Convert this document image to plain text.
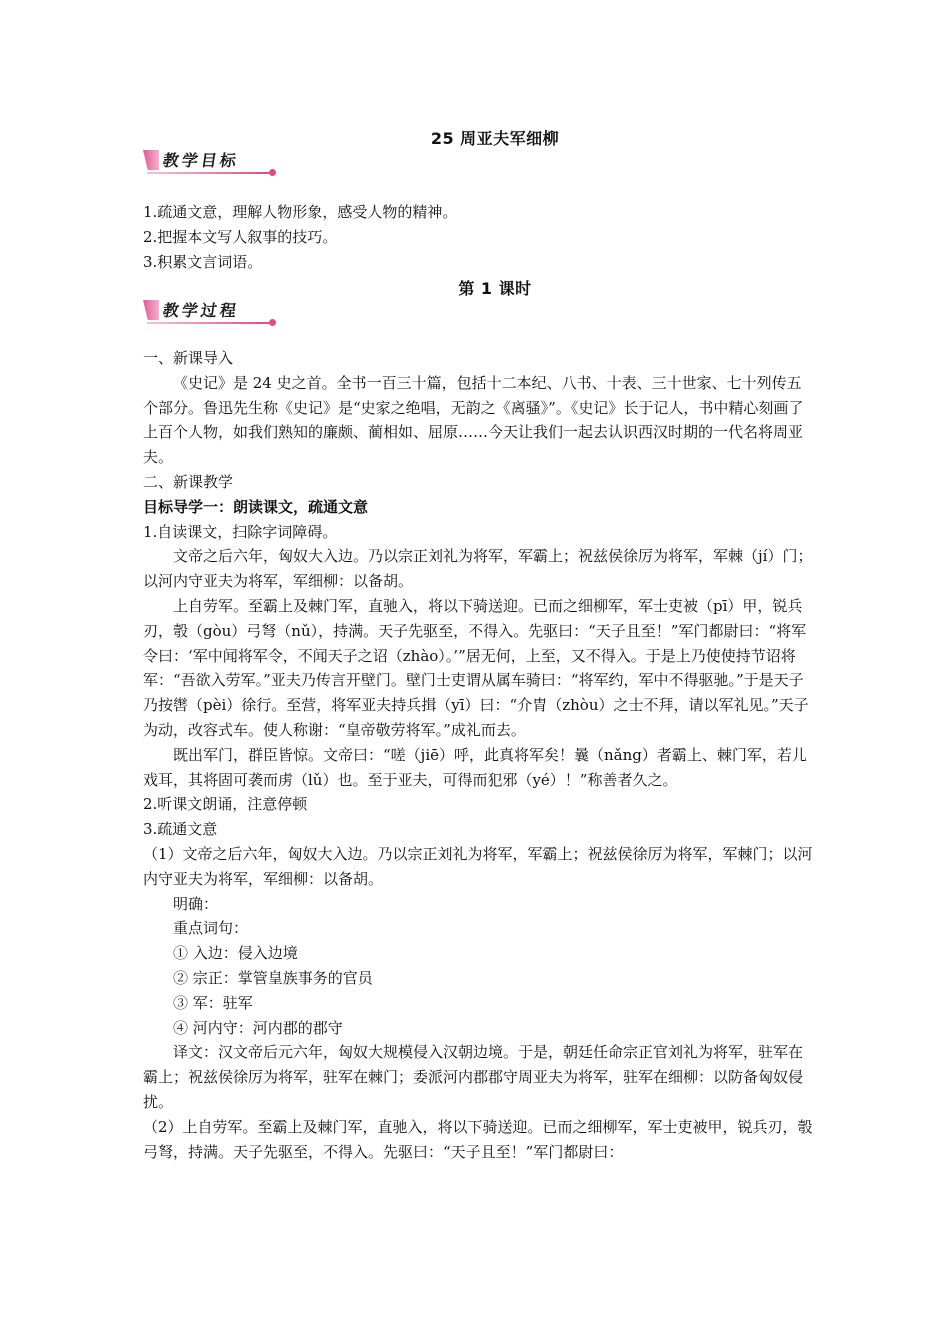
25 周亚夫军细柳
教学目标
1.疏通文意，理解人物形象，感受人物的精神。
2.把握本文写人叙事的技巧。
3.积累文言词语。
第 1 课时
教学过程
一、新课导入
《史记》是 24 史之首。全书一百三十篇，包括十二本纪、八书、十表、三十世家、七十列传五个部分。鲁迅先生称《史记》是“史家之绝唱，无韵之《离骚》”。《史记》长于记人，书中精心刻画了上百个人物，如我们熟知的廉颇、蔺相如、屈原……今天让我们一起去认识西汉时期的一代名将周亚夫。
二、新课教学
目标导学一：朗读课文，疏通文意
1.自读课文，扫除字词障碍。
文帝之后六年，匈奴大入边。乃以宗正刘礼为将军，军霸上；祝兹侯徐厉为将军，军棘（jí）门；以河内守亚夫为将军，军细柳：以备胡。
上自劳军。至霸上及棘门军，直驰入，将以下骑送迎。已而之细柳军，军士吏被（pī）甲，锐兵刃，彀（gòu）弓弩（nǔ），持满。天子先驱至，不得入。先驱曰：“天子且至！”军门都尉曰：“将军令曰：‘军中闻将军令，不闻天子之诏（zhào）。’”居无何，上至，又不得入。于是上乃使使持节诏将军：“吾欲入劳军。”亚夫乃传言开壁门。壁门士吏谓从属车骑曰：“将军约，军中不得驱驰。”于是天子乃按辔（pèi）徐行。至营，将军亚夫持兵揖（yī）曰：“介胄（zhòu）之士不拜，请以军礼见。”天子为动，改容式车。使人称谢：“皇帝敬劳将军。”成礼而去。
既出军门，群臣皆惊。文帝曰：“嗟（jiē）呼，此真将军矣！曩（nǎng）者霸上、棘门军，若儿戏耳，其将固可袭而虏（lǔ）也。至于亚夫，可得而犯邪（yé）！”称善者久之。
2.听课文朗诵，注意停顿
3.疏通文意
（1）文帝之后六年，匈奴大入边。乃以宗正刘礼为将军，军霸上；祝兹侯徐厉为将军，军棘门；以河内守亚夫为将军，军细柳：以备胡。
明确：
重点词句：
① 入边：侵入边境
② 宗正：掌管皇族事务的官员
③ 军：驻军
④ 河内守：河内郡的郡守
译文：汉文帝后元六年，匈奴大规模侵入汉朝边境。于是，朝廷任命宗正官刘礼为将军，驻军在霸上；祝兹侯徐厉为将军，驻军在棘门；委派河内郡郡守周亚夫为将军，驻军在细柳：以防备匈奴侵扰。
（2）上自劳军。至霸上及棘门军，直驰入，将以下骑送迎。已而之细柳军，军士吏被甲，锐兵刃，彀弓弩，持满。天子先驱至，不得入。先驱曰：“天子且至！”军门都尉曰：
